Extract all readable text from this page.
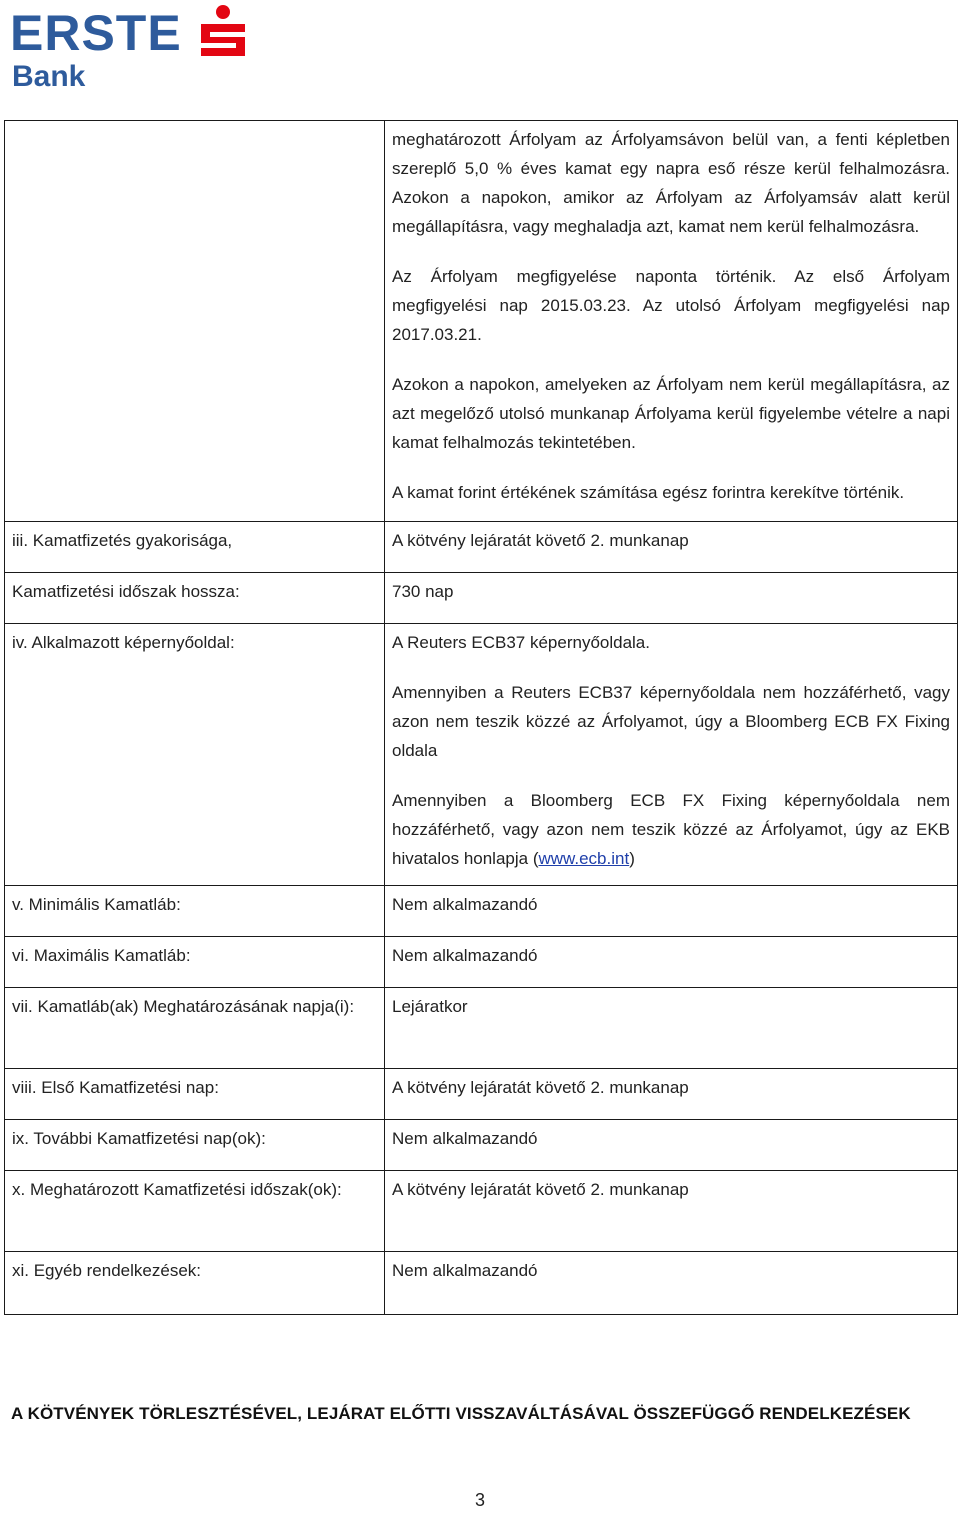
ERSTE
Bank

	meghatározott Árfolyam az Árfolyamsávon belül van, a fenti képletben szereplő 5,0 % éves kamat egy napra eső része kerül felhalmozásra. Azokon a napokon, amikor az Árfolyam az Árfolyamsáv alatt kerül megállapításra, vagy meghaladja azt, kamat nem kerül felhalmozásra.

Az Árfolyam megfigyelése naponta történik. Az első Árfolyam megfigyelési nap 2015.03.23. Az utolsó Árfolyam megfigyelési nap 2017.03.21.

Azokon a napokon, amelyeken az Árfolyam nem kerül megállapításra, az azt megelőző utolsó munkanap Árfolyama kerül figyelembe vételre a napi kamat felhalmozás tekintetében.

A kamat forint értékének számítása egész forintra kerekítve történik.

iii. Kamatfizetés gyakorisága,	A kötvény lejáratát követő 2. munkanap
Kamatfizetési időszak hossza:	730 nap
iv. Alkalmazott képernyőoldal:	A Reuters ECB37 képernyőoldala.

Amennyiben a Reuters ECB37 képernyőoldala nem hozzáférhető, vagy azon nem teszik közzé az Árfolyamot, úgy a Bloomberg ECB FX Fixing oldala

Amennyiben a Bloomberg ECB FX Fixing képernyőoldala nem hozzáférhető, vagy azon nem teszik közzé az Árfolyamot, úgy az EKB hivatalos honlapja (www.ecb.int)

v. Minimális Kamatláb:	Nem alkalmazandó
vi. Maximális Kamatláb:	Nem alkalmazandó
vii. Kamatláb(ak) Meghatározásának napja(i):	Lejáratkor
viii. Első Kamatfizetési nap:	A kötvény lejáratát követő 2. munkanap
ix. További Kamatfizetési nap(ok):	Nem alkalmazandó
x. Meghatározott Kamatfizetési időszak(ok):	A kötvény lejáratát követő 2. munkanap
xi. Egyéb rendelkezések:	Nem alkalmazandó
A KÖTVÉNYEK TÖRLESZTÉSÉVEL, LEJÁRAT ELŐTTI VISSZAVÁLTÁSÁVAL ÖSSZEFÜGGŐ RENDELKEZÉSEK
3
